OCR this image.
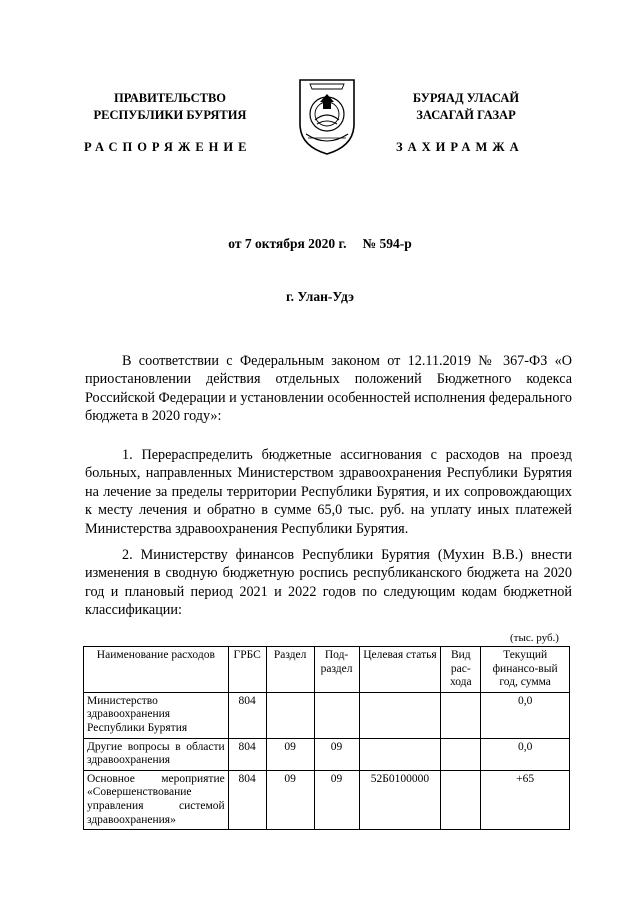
ПРАВИТЕЛЬСТВО
РЕСПУБЛИКИ БУРЯТИЯ
БУРЯАД УЛАСАЙ
ЗАСАГАЙ ГАЗАР
РАСПОРЯЖЕНИЕ	ЗАХИРАМЖА
от 7 октября 2020 г. № 594-р
г. Улан-Удэ

В соответствии с Федеральным законом от 12.11.2019 № 367-ФЗ «О приостановлении действия отдельных положений Бюджетного кодекса Российской Федерации и установлении особенностей исполнения федерального бюджета в 2020 году»:

1. Перераспределить бюджетные ассигнования с расходов на проезд больных, направленных Министерством здравоохранения Республики Бурятия на лечение за пределы территории Республики Бурятия, и их сопровождающих к месту лечения и обратно в сумме 65,0 тыс. руб. на уплату иных платежей Министерства здравоохранения Республики Бурятия.

2. Министерству финансов Республики Бурятия (Мухин В.В.) внести изменения в сводную бюджетную роспись республиканского бюджета на 2020 год и плановый период 2021 и 2022 годов по следующим кодам бюджетной классификации:

(тыс. руб.)
Наименование расходов	ГРБС	Раздел	Под-раздел	Целевая статья	Вид рас-хода	Текущий финансо-вый год, сумма
Министерство здравоохранения Республики Бурятия	804					0,0
Другие вопросы в области здравоохранения	804	09	09			0,0
Основное мероприятие «Совершенствование управления системой здравоохранения»	804	09	09	52Б0100000		+65
